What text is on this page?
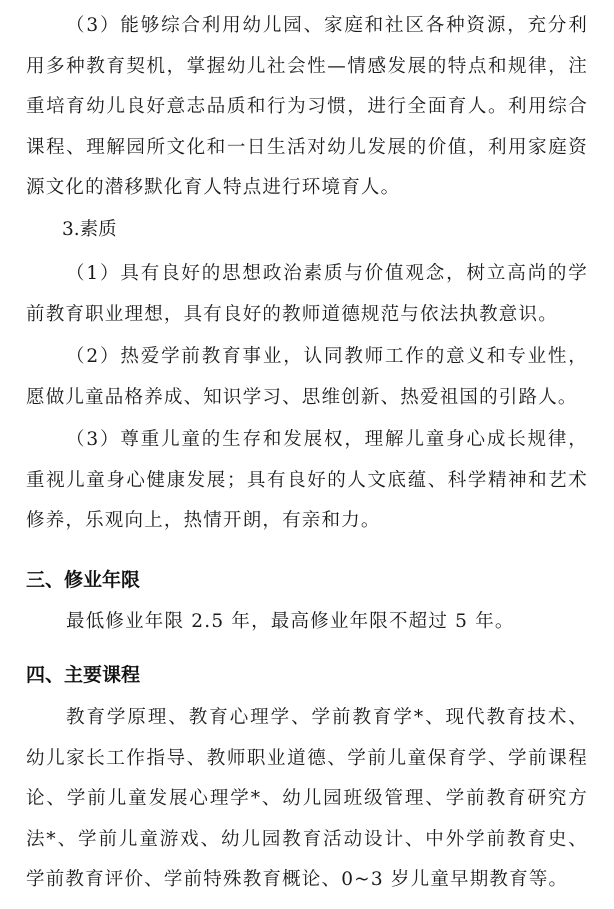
（3）能够综合利用幼儿园、家庭和社区各种资源，充分利用多种教育契机，掌握幼儿社会性—情感发展的特点和规律，注重培育幼儿良好意志品质和行为习惯，进行全面育人。利用综合课程、理解园所文化和一日生活对幼儿发展的价值，利用家庭资源文化的潜移默化育人特点进行环境育人。

3.素质

（1）具有良好的思想政治素质与价值观念，树立高尚的学前教育职业理想，具有良好的教师道德规范与依法执教意识。

（2）热爱学前教育事业，认同教师工作的意义和专业性，愿做儿童品格养成、知识学习、思维创新、热爱祖国的引路人。

（3）尊重儿童的生存和发展权，理解儿童身心成长规律，重视儿童身心健康发展；具有良好的人文底蕴、科学精神和艺术修养，乐观向上，热情开朗，有亲和力。

三、修业年限

最低修业年限 2.5 年，最高修业年限不超过 5 年。

四、主要课程

教育学原理、教育心理学、学前教育学*、现代教育技术、幼儿家长工作指导、教师职业道德、学前儿童保育学、学前课程论、学前儿童发展心理学*、幼儿园班级管理、学前教育研究方法*、学前儿童游戏、幼儿园教育活动设计、中外学前教育史、学前教育评价、学前特殊教育概论、0~3 岁儿童早期教育等。
